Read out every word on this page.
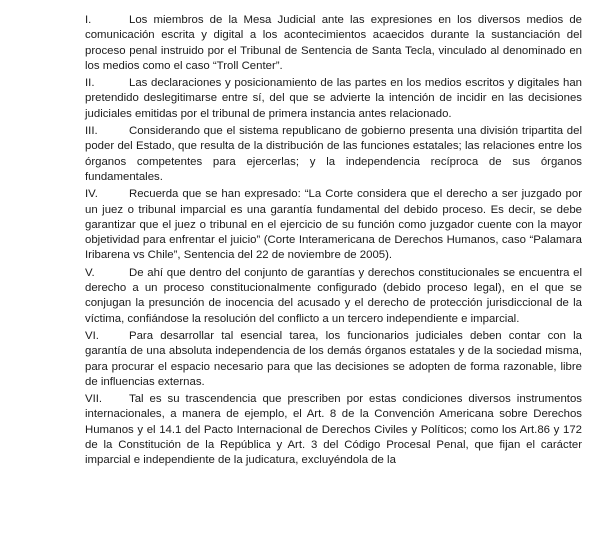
I.	Los miembros de la Mesa Judicial ante las expresiones en los diversos medios de comunicación escrita y digital a los acontecimientos acaecidos durante la sustanciación del proceso penal instruido por el Tribunal de Sentencia de Santa Tecla, vinculado al denominado en los medios como el caso “Troll Center”.

II.	Las declaraciones y posicionamiento de las partes en los medios escritos y digitales han pretendido deslegitimarse entre sí, del que se advierte la intención de incidir en las decisiones judiciales emitidas por el tribunal de primera instancia antes relacionado.

III.	Considerando que el sistema republicano de gobierno presenta una división tripartita del poder del Estado, que resulta de la distribución de las funciones estatales; las relaciones entre los órganos competentes para ejercerlas; y la independencia recíproca de sus órganos fundamentales.

IV.	Recuerda que se han expresado: “La Corte considera que el derecho a ser juzgado por un juez o tribunal imparcial es una garantía fundamental del debido proceso. Es decir, se debe garantizar que el juez o tribunal en el ejercicio de su función como juzgador cuente con la mayor objetividad para enfrentar el juicio” (Corte Interamericana de Derechos Humanos, caso “Palamara Iribarena vs Chile”, Sentencia del 22 de noviembre de 2005).

V.	De ahí que dentro del conjunto de garantías y derechos constitucionales se encuentra el derecho a un proceso constitucionalmente configurado (debido proceso legal), en el que se conjugan la presunción de inocencia del acusado y el derecho de protección jurisdiccional de la víctima, confiándose la resolución del conflicto a un tercero independiente e imparcial.

VI.	Para desarrollar tal esencial tarea, los funcionarios judiciales deben contar con la garantía de una absoluta independencia de los demás órganos estatales y de la sociedad misma, para procurar el espacio necesario para que las decisiones se adopten de forma razonable, libre de influencias externas.

VII. Tal es su trascendencia que prescriben por estas condiciones diversos instrumentos internacionales, a manera de ejemplo, el Art. 8 de la Convención Americana sobre Derechos Humanos y el 14.1 del Pacto Internacional de Derechos Civiles y Políticos; como los Art.86 y 172 de la Constitución de la República y Art. 3 del Código Procesal Penal, que fijan el carácter imparcial e independiente de la judicatura, excluyéndola de la
